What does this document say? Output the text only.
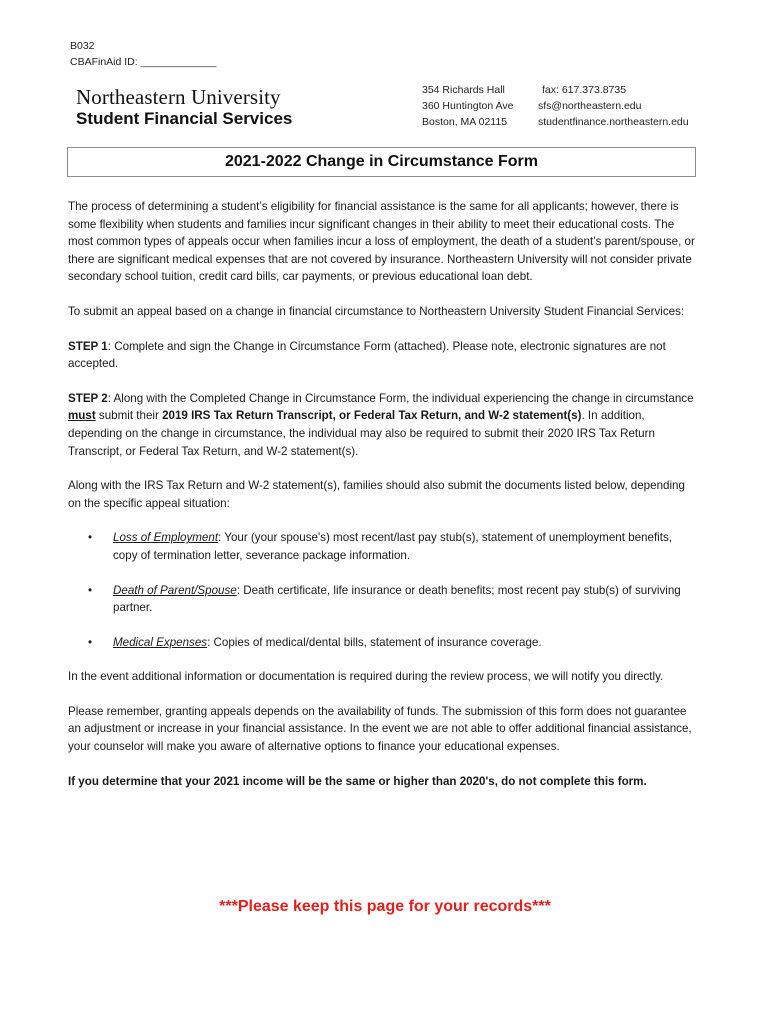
B032
CBAFinAid ID: _____________
Northeastern University
Student Financial Services
354 Richards Hall
360 Huntington Ave
Boston, MA 02115
fax: 617.373.8735
sfs@northeastern.edu
studentfinance.northeastern.edu
2021-2022 Change in Circumstance Form

The process of determining a student’s eligibility for financial assistance is the same for all applicants; however, there is some flexibility when students and families incur significant changes in their ability to meet their educational costs. The most common types of appeals occur when families incur a loss of employment, the death of a student’s parent/spouse, or there are significant medical expenses that are not covered by insurance. Northeastern University will not consider private secondary school tuition, credit card bills, car payments, or previous educational loan debt.

To submit an appeal based on a change in financial circumstance to Northeastern University Student Financial Services:

STEP 1: Complete and sign the Change in Circumstance Form (attached). Please note, electronic signatures are not accepted.

STEP 2: Along with the Completed Change in Circumstance Form, the individual experiencing the change in circumstance must submit their 2019 IRS Tax Return Transcript, or Federal Tax Return, and W-2 statement(s). In addition, depending on the change in circumstance, the individual may also be required to submit their 2020 IRS Tax Return Transcript, or Federal Tax Return, and W-2 statement(s).

Along with the IRS Tax Return and W-2 statement(s), families should also submit the documents listed below, depending on the specific appeal situation:

• Loss of Employment: Your (your spouse's) most recent/last pay stub(s), statement of unemployment benefits, copy of termination letter, severance package information.
• Death of Parent/Spouse: Death certificate, life insurance or death benefits; most recent pay stub(s) of surviving partner.
• Medical Expenses: Copies of medical/dental bills, statement of insurance coverage.

In the event additional information or documentation is required during the review process, we will notify you directly.

Please remember, granting appeals depends on the availability of funds. The submission of this form does not guarantee an adjustment or increase in your financial assistance. In the event we are not able to offer additional financial assistance, your counselor will make you aware of alternative options to finance your educational expenses.

If you determine that your 2021 income will be the same or higher than 2020's, do not complete this form.

***Please keep this page for your records***
